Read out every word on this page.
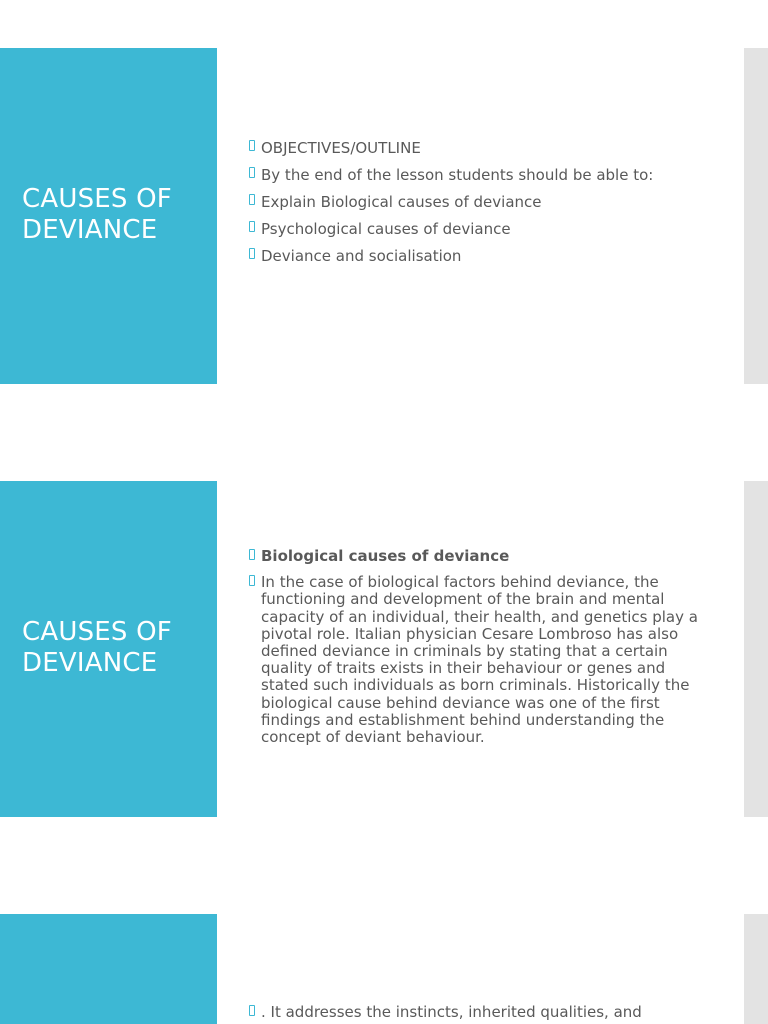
CAUSES OF
DEVIANCE

OBJECTIVES/OUTLINE

By the end of the lesson students should be able to:

Explain Biological causes of deviance

Psychological causes of deviance

Deviance and socialisation

CAUSES OF
DEVIANCE

Biological causes of deviance

In the case of biological factors behind deviance, the functioning and development of the brain and mental capacity of an individual, their health, and genetics play a pivotal role. Italian physician Cesare Lombroso has also defined deviance in criminals by stating that a certain quality of traits exists in their behaviour or genes and stated such individuals as born criminals. Historically the biological cause behind deviance was one of the first findings and establishment behind understanding the concept of deviant behaviour.

. It addresses the instincts, inherited qualities, and
